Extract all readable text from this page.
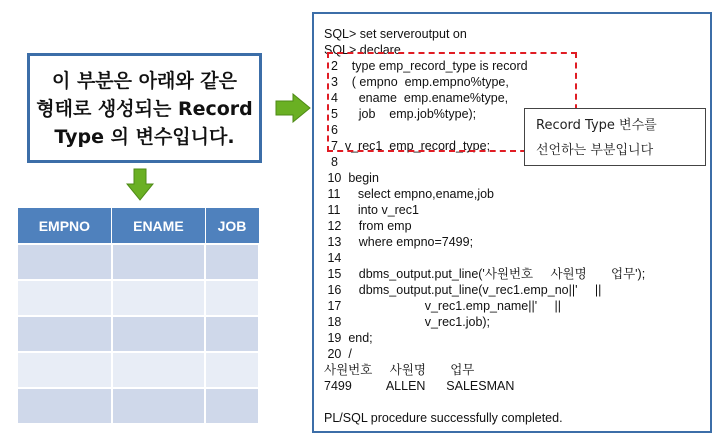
이 부분은 아래와 같은
형태로 생성되는 Record
Type 의 변수입니다.
EMPNO	ENAME	JOB

SQL> set serveroutput on
SQL> declare
2    type emp_record_type is record
3    ( empno  emp.empno%type,
4      ename  emp.ename%type,
5      job    emp.job%type);
6
7  v_rec1  emp_record_type;
8
10  begin
11     select empno,ename,job
11     into v_rec1
12     from emp
13     where empno=7499;
14
15     dbms_output.put_line('사원번호     사원명       업무');
16     dbms_output.put_line(v_rec1.emp_no||'     ||
17                        v_rec1.emp_name||'     ||
18                        v_rec1.job);
19  end;
20  /
사원번호     사원명       업무
7499          ALLEN      SALESMAN
PL/SQL procedure successfully completed.
Record Type 변수를
선언하는 부분입니다
